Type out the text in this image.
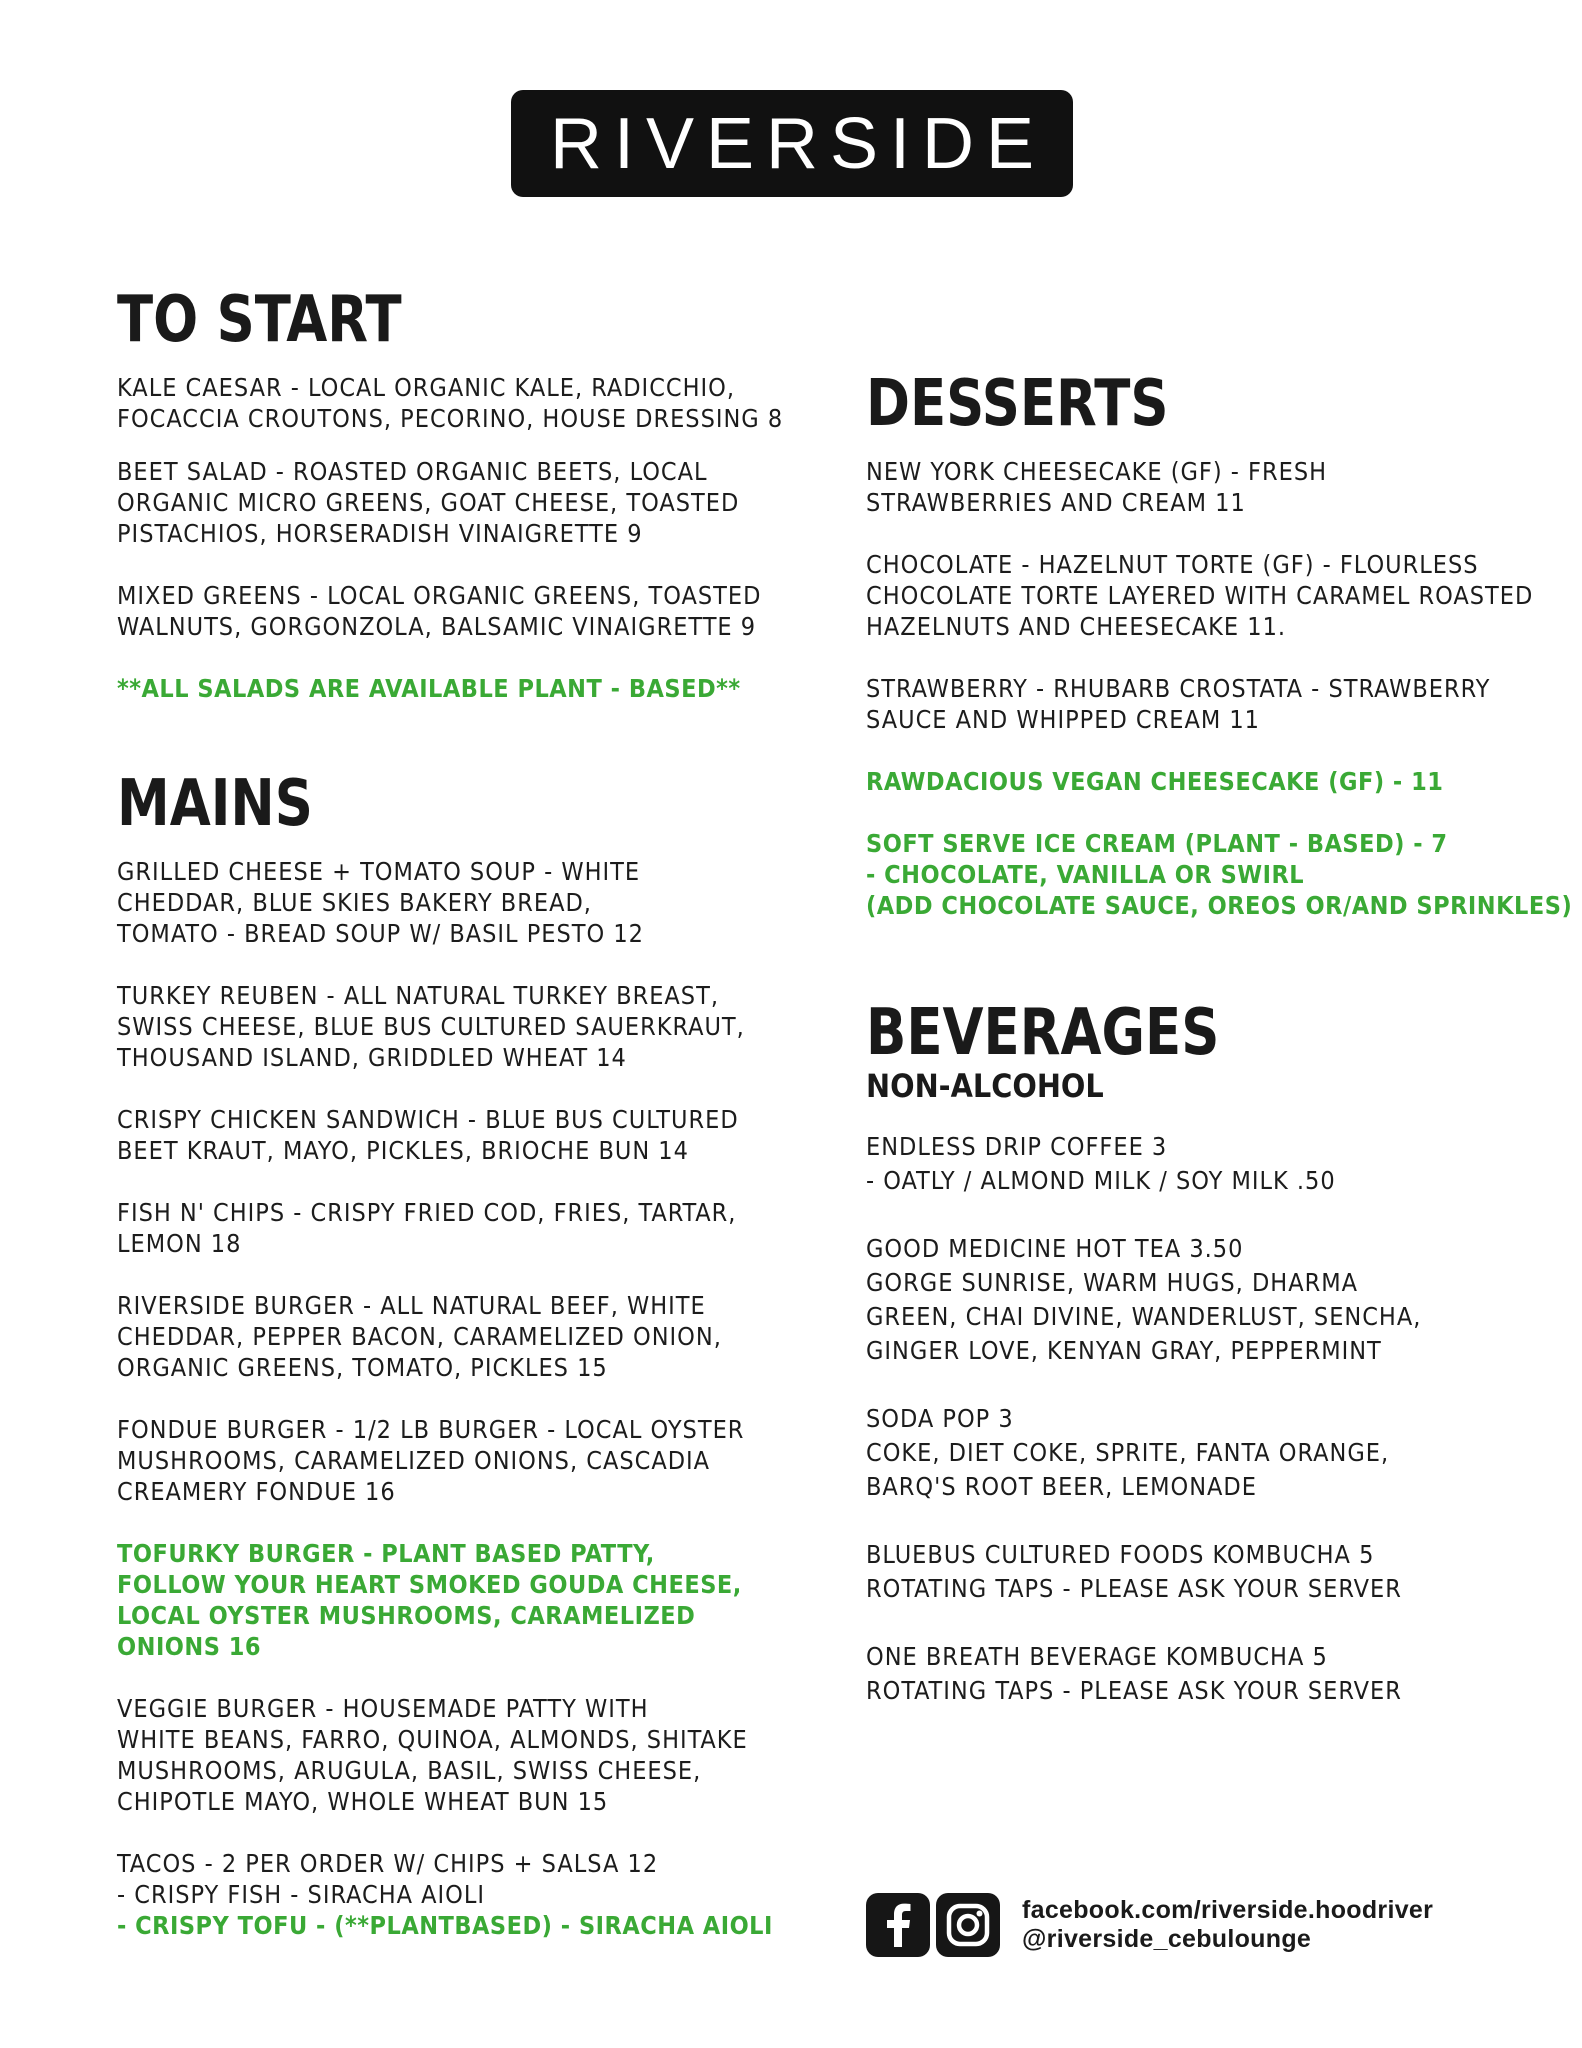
RIVERSIDE
TO START
KALE CAESAR - LOCAL ORGANIC KALE, RADICCHIO,
FOCACCIA CROUTONS, PECORINO, HOUSE DRESSING 8
BEET SALAD - ROASTED ORGANIC BEETS, LOCAL
ORGANIC MICRO GREENS, GOAT CHEESE, TOASTED
PISTACHIOS, HORSERADISH VINAIGRETTE 9
MIXED GREENS - LOCAL ORGANIC GREENS, TOASTED
WALNUTS, GORGONZOLA, BALSAMIC VINAIGRETTE 9
**ALL SALADS ARE AVAILABLE PLANT - BASED**
MAINS
GRILLED CHEESE + TOMATO SOUP - WHITE
CHEDDAR, BLUE SKIES BAKERY BREAD,
TOMATO - BREAD SOUP W/ BASIL PESTO 12
TURKEY REUBEN - ALL NATURAL TURKEY BREAST,
SWISS CHEESE, BLUE BUS CULTURED SAUERKRAUT,
THOUSAND ISLAND, GRIDDLED WHEAT 14
CRISPY CHICKEN SANDWICH - BLUE BUS CULTURED
BEET KRAUT, MAYO, PICKLES, BRIOCHE BUN 14
FISH N' CHIPS - CRISPY FRIED COD, FRIES, TARTAR,
LEMON 18
RIVERSIDE BURGER - ALL NATURAL BEEF, WHITE
CHEDDAR, PEPPER BACON, CARAMELIZED ONION,
ORGANIC GREENS, TOMATO, PICKLES 15
FONDUE BURGER - 1/2 LB BURGER - LOCAL OYSTER
MUSHROOMS, CARAMELIZED ONIONS, CASCADIA
CREAMERY FONDUE 16
TOFURKY BURGER - PLANT BASED PATTY,
FOLLOW YOUR HEART SMOKED GOUDA CHEESE,
LOCAL OYSTER MUSHROOMS, CARAMELIZED
ONIONS 16
VEGGIE BURGER - HOUSEMADE PATTY WITH
WHITE BEANS, FARRO, QUINOA, ALMONDS, SHITAKE
MUSHROOMS, ARUGULA, BASIL, SWISS CHEESE,
CHIPOTLE MAYO, WHOLE WHEAT BUN 15
TACOS - 2 PER ORDER W/ CHIPS + SALSA 12
- CRISPY FISH - SIRACHA AIOLI
- CRISPY TOFU - (**PLANTBASED) - SIRACHA AIOLI
DESSERTS
NEW YORK CHEESECAKE (GF) - FRESH
STRAWBERRIES AND CREAM 11
CHOCOLATE - HAZELNUT TORTE (GF) - FLOURLESS
CHOCOLATE TORTE LAYERED WITH CARAMEL ROASTED
HAZELNUTS AND CHEESECAKE 11.
STRAWBERRY - RHUBARB CROSTATA - STRAWBERRY
SAUCE AND WHIPPED CREAM 11
RAWDACIOUS VEGAN CHEESECAKE (GF) - 11
SOFT SERVE ICE CREAM (PLANT - BASED) - 7
- CHOCOLATE, VANILLA OR SWIRL
(ADD CHOCOLATE SAUCE, OREOS OR/AND SPRINKLES)
BEVERAGES
NON-ALCOHOL
ENDLESS DRIP COFFEE 3
- OATLY / ALMOND MILK / SOY MILK .50
GOOD MEDICINE HOT TEA 3.50
GORGE SUNRISE, WARM HUGS, DHARMA
GREEN, CHAI DIVINE, WANDERLUST, SENCHA,
GINGER LOVE, KENYAN GRAY, PEPPERMINT
SODA POP 3
COKE, DIET COKE, SPRITE, FANTA ORANGE,
BARQ'S ROOT BEER, LEMONADE
BLUEBUS CULTURED FOODS KOMBUCHA 5
ROTATING TAPS - PLEASE ASK YOUR SERVER
ONE BREATH BEVERAGE KOMBUCHA 5
ROTATING TAPS - PLEASE ASK YOUR SERVER
facebook.com/riverside.hoodriver
@riverside_cebulounge
